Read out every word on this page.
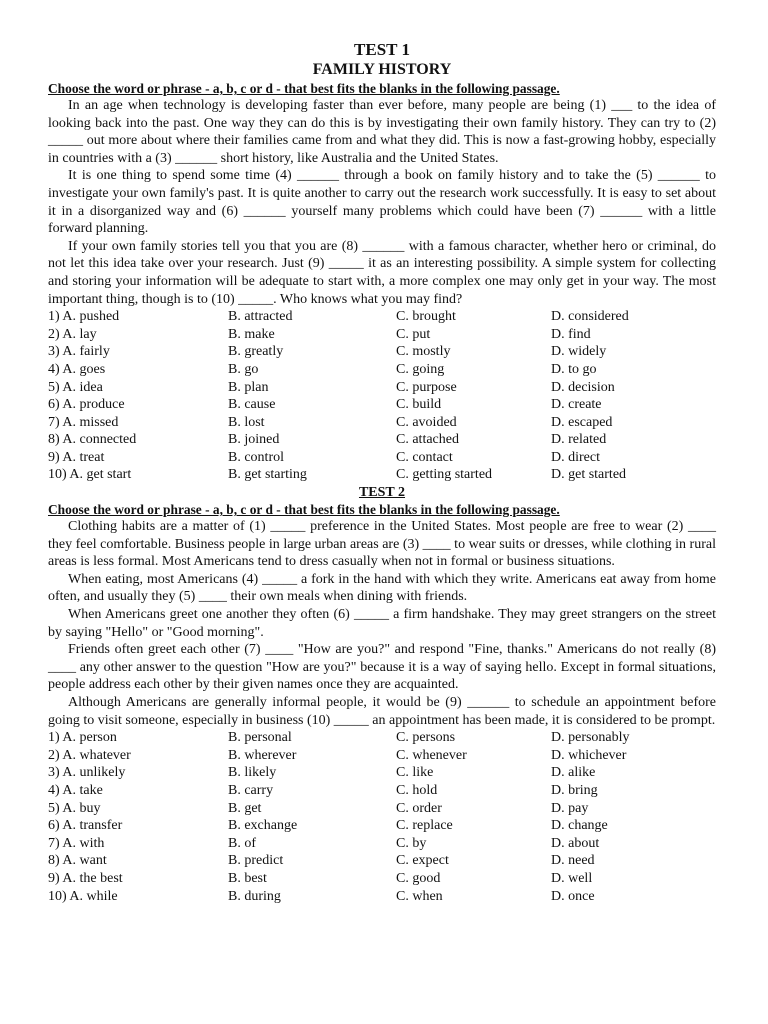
TEST 1
FAMILY HISTORY
Choose the word or phrase - a, b, c or d - that best fits the blanks in the following passage.

In an age when technology is developing faster than ever before, many people are being (1) ___ to the idea of looking back into the past. One way they can do this is by investigating their own family history. They can try to (2) _____ out more about where their families came from and what they did. This is now a fast-growing hobby, especially in countries with a (3) ______ short history, like Australia and the United States.

It is one thing to spend some time (4) ______ through a book on family history and to take the (5) ______ to investigate your own family's past. It is quite another to carry out the research work successfully. It is easy to set about it in a disorganized way and (6) ______ yourself many problems which could have been (7) ______ with a little forward planning.

If your own family stories tell you that you are (8) ______ with a famous character, whether hero or criminal, do not let this idea take over your research. Just (9) _____ it as an interesting possibility. A simple system for collecting and storing your information will be adequate to start with, a more complex one may only get in your way. The most important thing, though is to (10) _____. Who knows what you may find?

1) A. pushed	B. attracted	C. brought	D. considered
2) A. lay	B. make	C. put	D. find
3) A. fairly	B. greatly	C. mostly	D. widely
4) A. goes	B. go	C. going	D. to go
5) A. idea	B. plan	C. purpose	D. decision
6) A. produce	B. cause	C. build	D. create
7) A. missed	B. lost	C. avoided	D. escaped
8) A. connected	B. joined	C. attached	D. related
9) A. treat	B. control	C. contact	D. direct
10) A. get start	B. get starting	C. getting started	D. get started
TEST 2
Choose the word or phrase - a, b, c or d - that best fits the blanks in the following passage.

Clothing habits are a matter of (1) _____ preference in the United States. Most people are free to wear (2) ____ they feel comfortable. Business people in large urban areas are (3) ____ to wear suits or dresses, while clothing in rural areas is less formal. Most Americans tend to dress casually when not in formal or business situations.

When eating, most Americans (4) _____ a fork in the hand with which they write. Americans eat away from home often, and usually they (5) ____ their own meals when dining with friends.

When Americans greet one another they often (6) _____ a firm handshake. They may greet strangers on the street by saying "Hello" or "Good morning".

Friends often greet each other (7) ____ "How are you?" and respond "Fine, thanks." Americans do not really (8) ____ any other answer to the question "How are you?" because it is a way of saying hello. Except in formal situations, people address each other by their given names once they are acquainted.

Although Americans are generally informal people, it would be (9) ______ to schedule an appointment before going to visit someone, especially in business (10) _____ an appointment has been made, it is considered to be prompt.

1) A. person	B. personal	C. persons	D. personably
2) A. whatever	B. wherever	C. whenever	D. whichever
3) A. unlikely	B. likely	C. like	D. alike
4) A. take	B. carry	C. hold	D. bring
5) A. buy	B. get	C. order	D. pay
6) A. transfer	B. exchange	C. replace	D. change
7) A. with	B. of	C. by	D. about
8) A. want	B. predict	C. expect	D. need
9) A. the best	B. best	C. good	D. well
10) A. while	B. during	C. when	D. once
